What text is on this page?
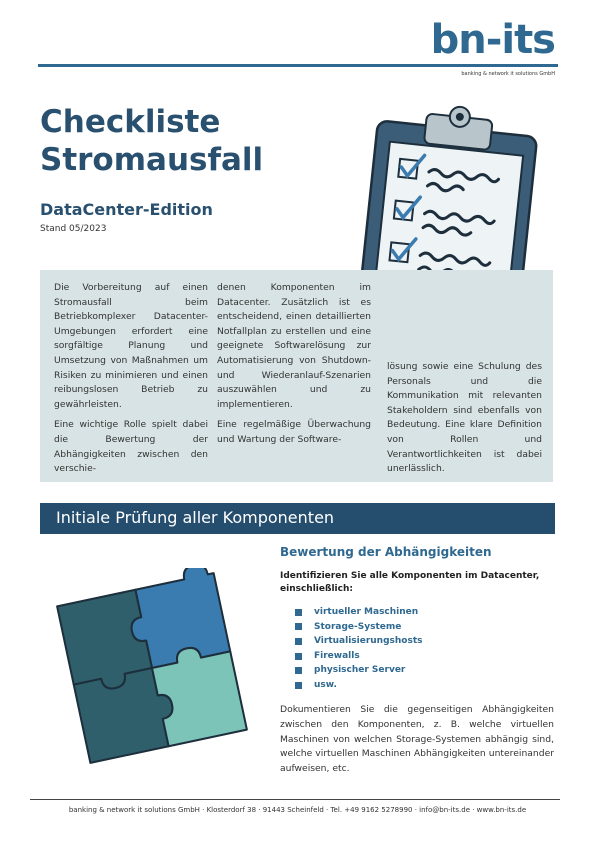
bn-its
banking & network it solutions GmbH
Checkliste
Stromausfall
DataCenter-Edition
Stand 05/2023

Die Vorbereitung auf einen Stromausfall beim Betriebkomplexer Datacenter-Umgebungen erfordert eine sorgfältige Planung und Umsetzung von Maßnahmen um Risiken zu minimieren und einen reibungslosen Betrieb zu gewährleisten.

Eine wichtige Rolle spielt dabei die Bewertung der Abhängigkeiten zwischen den verschie-

denen Komponenten im Datacenter. Zusätzlich ist es entscheidend, einen detaillierten Notfallplan zu erstellen und eine geeignete Softwarelösung zur Automatisierung von Shutdown- und Wiederanlauf-Szenarien auszuwählen und zu implementieren.

Eine regelmäßige Überwachung und Wartung der Software-

lösung sowie eine Schulung des Personals und die Kommunikation mit relevanten Stakeholdern sind ebenfalls von Bedeutung. Eine klare Definition von Rollen und Verantwortlichkeiten ist dabei unerlässlich.

Initiale Prüfung aller Komponenten
Bewertung der Abhängigkeiten
Identifizieren Sie alle Komponenten im Datacenter, einschließlich:
virtueller Maschinen
Storage-Systeme
Virtualisierungshosts
Firewalls
physischer Server
usw.
Dokumentieren Sie die gegenseitigen Abhängigkeiten zwischen den Komponenten, z. B. welche virtuellen Maschinen von welchen Storage-Systemen abhängig sind, welche virtuellen Maschinen Abhängigkeiten untereinander aufweisen, etc.
banking & network it solutions GmbH · Klosterdorf 38 · 91443 Scheinfeld · Tel. +49 9162 5278990 · info@bn-its.de · www.bn-its.de
